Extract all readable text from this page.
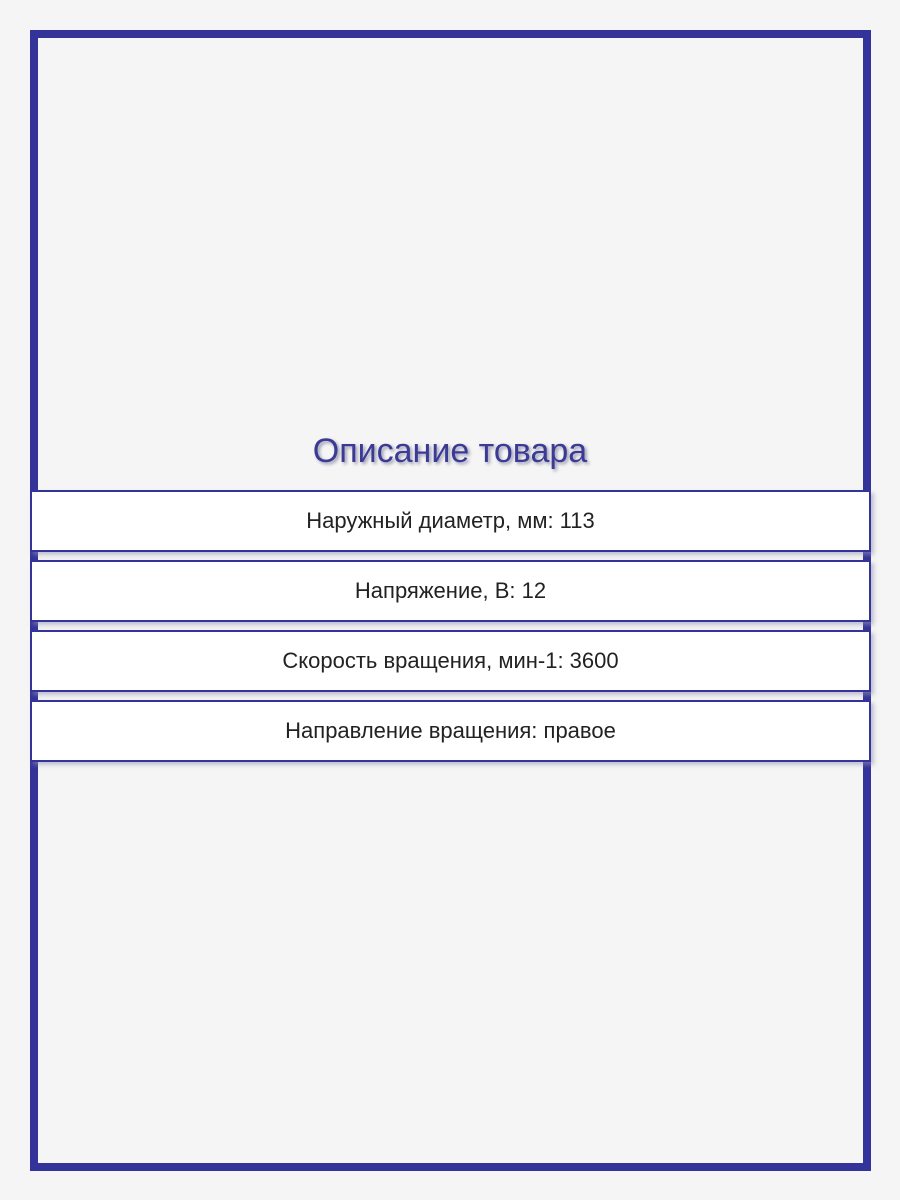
Описание товара
Наружный диаметр, мм: 113
Напряжение, В: 12
Скорость вращения, мин-1: 3600
Направление вращения: правое
